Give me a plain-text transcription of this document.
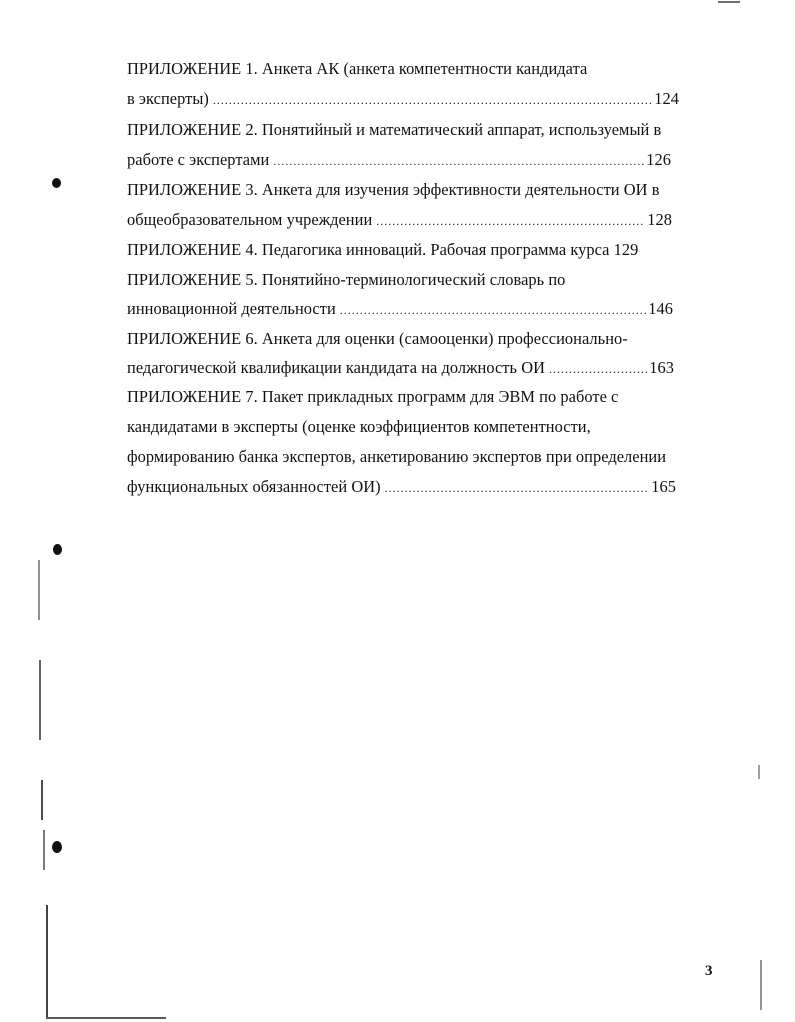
ПРИЛОЖЕНИЕ 1. Анкета АК (анкета компетентности кандидата
в эксперты) .....	124
ПРИЛОЖЕНИЕ 2. Понятийный и математический аппарат, используемый в
работе с экспертами .....	126
ПРИЛОЖЕНИЕ 3. Анкета для изучения эффективности деятельности ОИ в
общеобразовательном учреждении .....	128
ПРИЛОЖЕНИЕ 4. Педагогика инноваций. Рабочая программа курса 129
ПРИЛОЖЕНИЕ 5. Понятийно-терминологический словарь по
инновационной деятельности .....	146
ПРИЛОЖЕНИЕ 6. Анкета для оценки (самооценки) профессионально-
педагогической квалификации кандидата на должность ОИ .....	163
ПРИЛОЖЕНИЕ 7. Пакет прикладных программ для ЭВМ по работе с
кандидатами в эксперты (оценке коэффициентов компетентности,
формированию банка экспертов, анкетированию экспертов при определении
функциональных обязанностей ОИ) .....	165
3
